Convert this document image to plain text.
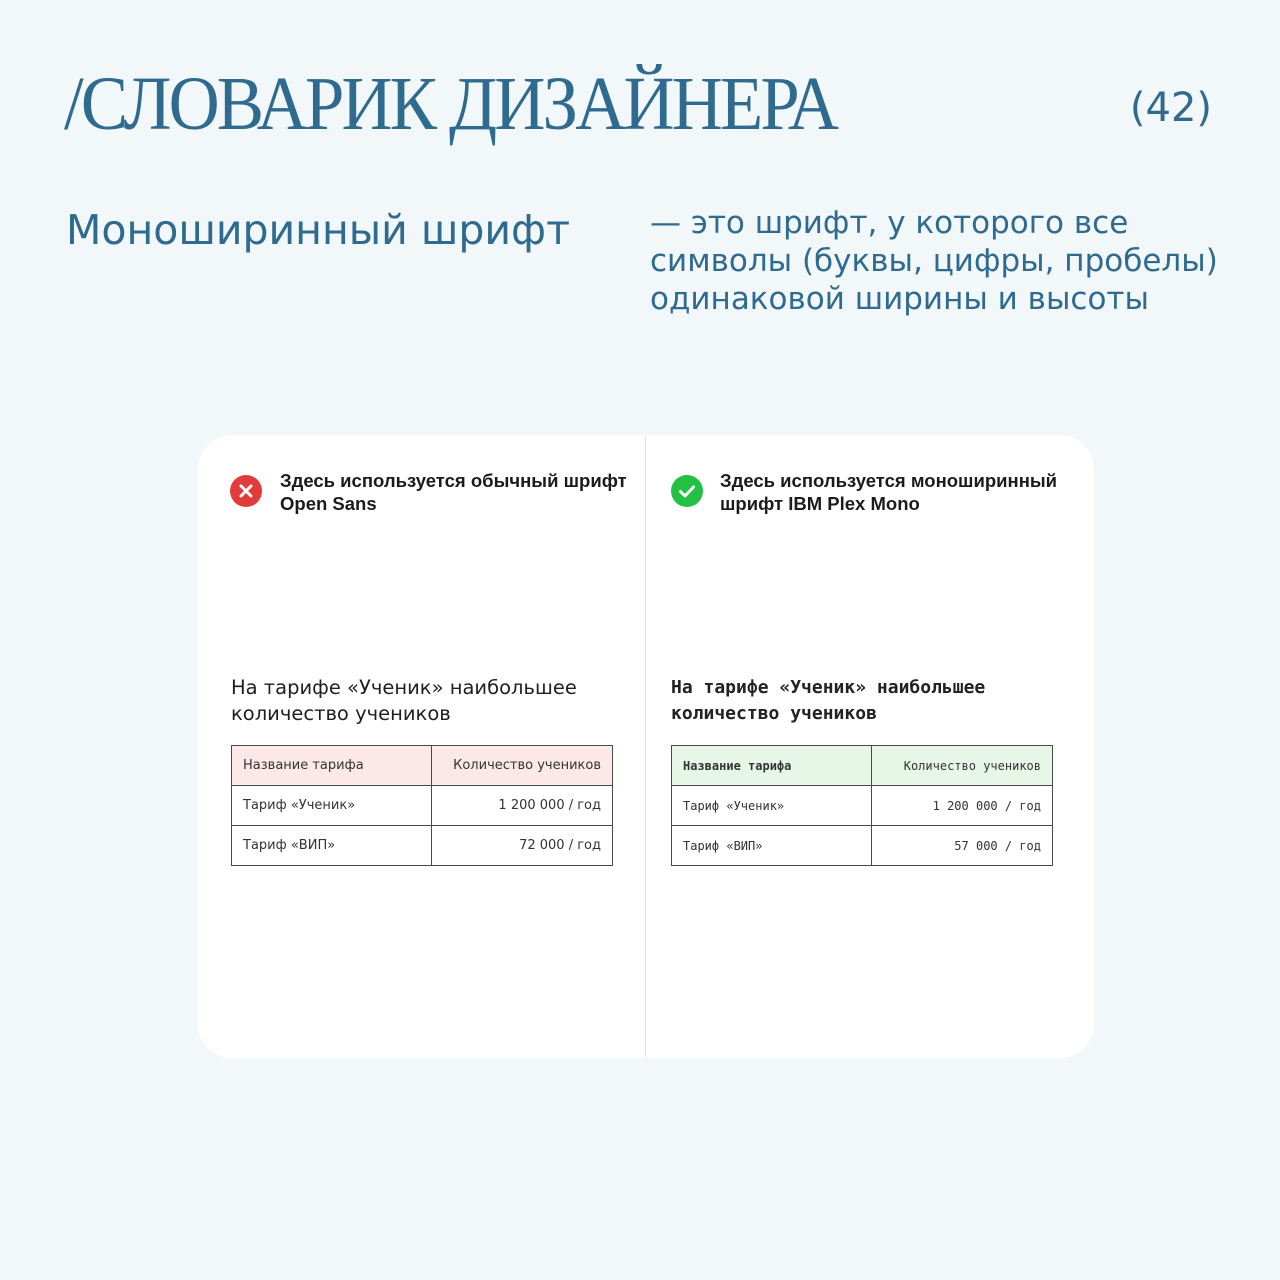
/СЛОВАРИК ДИЗАЙНЕРА	(42)
Моноширинный шрифт	— это шрифт, у которого все символы (буквы, цифры, пробелы) одинаковой ширины и высоты
Здесь используется обычный шрифт Open Sans
На тарифе «Ученик» наибольшее количество учеников
Название тарифа	Количество учеников
Тариф «Ученик»	1 200 000 / год
Тариф «ВИП»	72 000 / год
Здесь используется моноширинный шрифт IBM Plex Mono
На тарифе «Ученик» наибольшее количество учеников
Название тарифа	Количество учеников
Тариф «Ученик»	1 200 000 / год
Тариф «ВИП»	57 000 / год
